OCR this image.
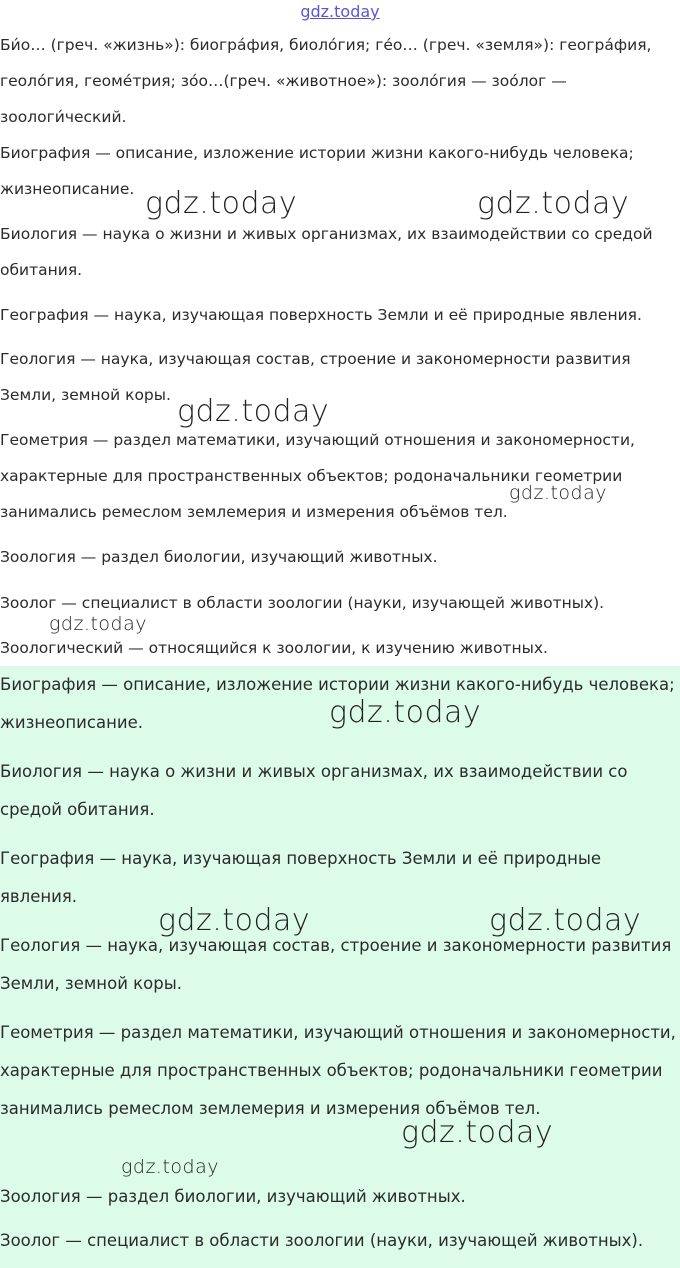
gdz.today

Би́о… (греч. «жизнь»): биогра́фия, биоло́гия; ге́о… (греч. «земля»): геогра́фия,
геоло́гия, геоме́трия; зо́о…(греч. «животное»): зооло́гия — зоо́лог —
зоологи́ческий.

Биография — описание, изложение истории жизни какого-нибудь человека; жизнеописание.

Биология — наука о жизни и живых организмах, их взаимодействии со средой обитания.

География — наука, изучающая поверхность Земли и её природные явления.

Геология — наука, изучающая состав, строение и закономерности развития Земли, земной коры.

Геометрия — раздел математики, изучающий отношения и закономерности, характерные для пространственных объектов; родоначальники геометрии занимались ремеслом землемерия и измерения объёмов тел.

Зоология — раздел биологии, изучающий животных.

Зоолог — специалист в области зоологии (науки, изучающей животных).

Зоологический — относящийся к зоологии, к изучению животных.

Биография — описание, изложение истории жизни какого-нибудь человека; жизнеописание.

Биология — наука о жизни и живых организмах, их взаимодействии со средой обитания.

География — наука, изучающая поверхность Земли и её природные явления.

Геология — наука, изучающая состав, строение и закономерности развития Земли, земной коры.

Геометрия — раздел математики, изучающий отношения и закономерности, характерные для пространственных объектов; родоначальники геометрии занимались ремеслом землемерия и измерения объёмов тел.

Зоология — раздел биологии, изучающий животных.

Зоолог — специалист в области зоологии (науки, изучающей животных).

gdz.today	gdz.today
gdz.today
gdz.today
gdz.today
gdz.today
gdz.today	gdz.today
gdz.today
gdz.today
